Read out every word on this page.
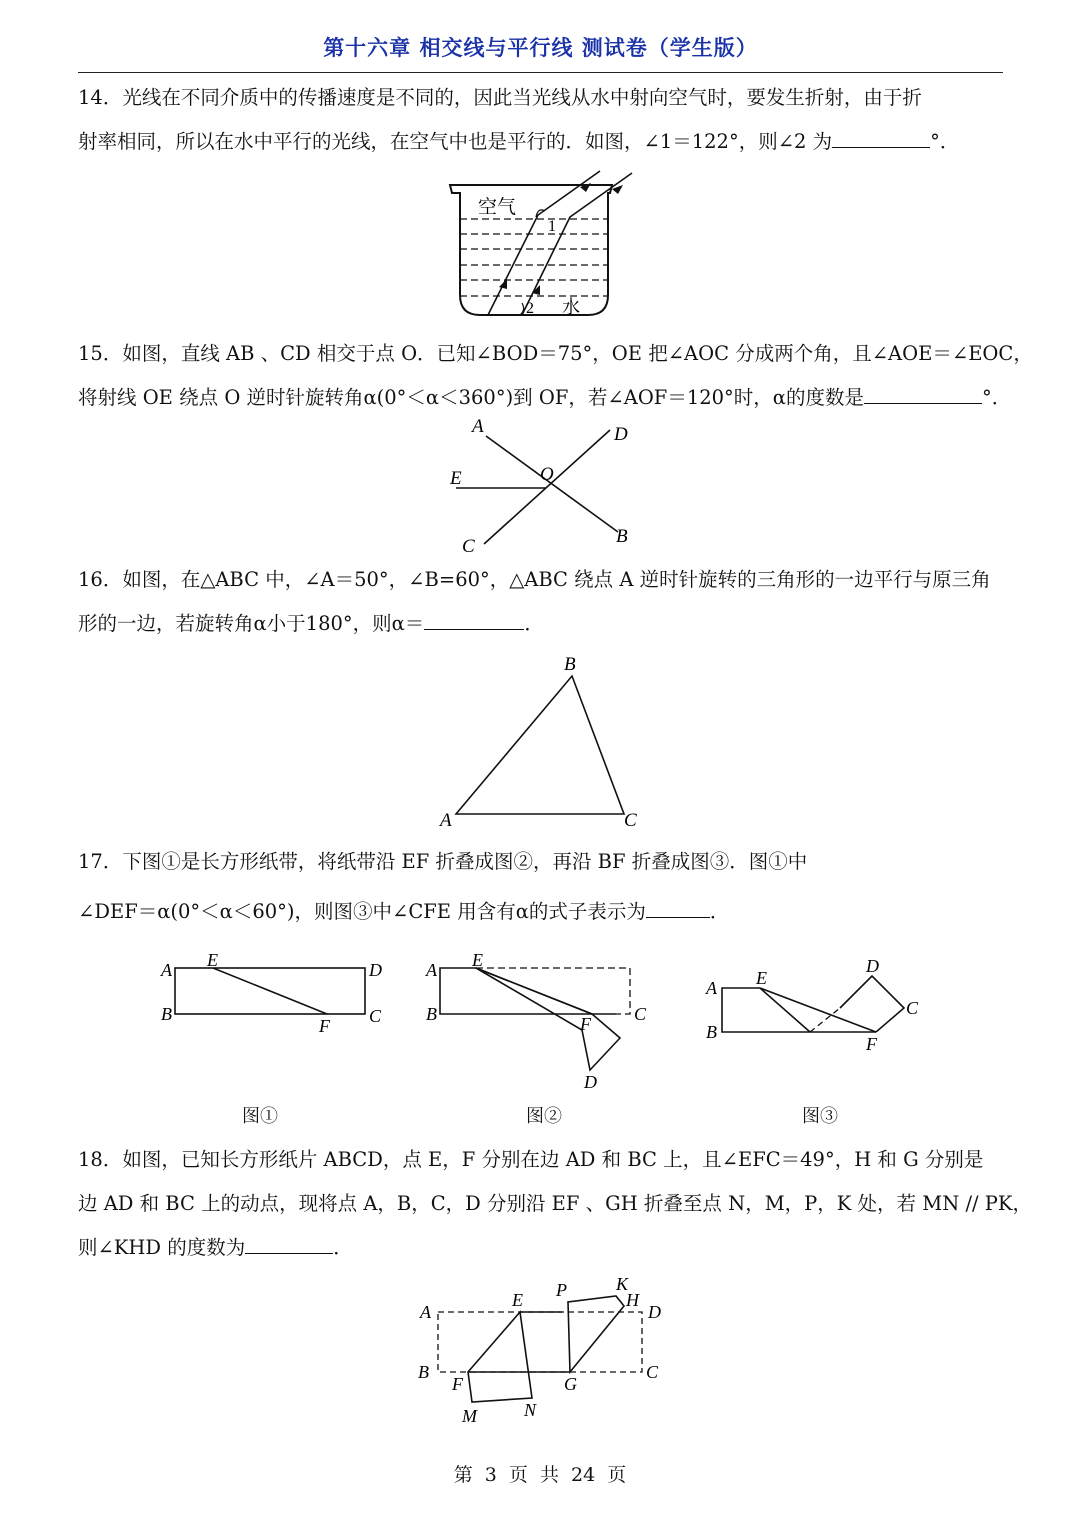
第十六章 相交线与平行线 测试卷（学生版）
14．光线在不同介质中的传播速度是不同的，因此当光线从水中射向空气时，要发生折射，由于折
射率相同，所以在水中平行的光线，在空气中也是平行的．如图，∠1＝122°，则∠2 为	°．
空气
1
2 水
15．如图，直线 AB 、CD 相交于点 O．已知∠BOD＝75°，OE 把∠AOC 分成两个角，且∠AOE＝∠EOC，
将射线 OE 绕点 O 逆时针旋转角α(0°＜α＜360°)到 OF，若∠AOF＝120°时，α的度数是	°．
A	D
E	O
B
C
16．如图，在△ABC 中，∠A＝50°，∠B=60°，△ABC 绕点 A 逆时针旋转的三角形的一边平行与原三角
形的一边，若旋转角α小于180°，则α＝	．
B
A	C
17．下图①是长方形纸带，将纸带沿 EF 折叠成图②，再沿 BF 折叠成图③．图①中
∠DEF＝α(0°＜α＜60°)，则图③中∠CFE 用含有α的式子表示为	．
A E	D
B	C
F
图①
A E
B	C
F
D
图②
A E
B
D
C
F
图③
18．如图，已知长方形纸片 ABCD，点 E，F 分别在边 AD 和 BC 上，且∠EFC＝49°，H 和 G 分别是
边 AD 和 BC 上的动点，现将点 A，B，C，D 分别沿 EF 、GH 折叠至点 N，M，P，K 处，若 MN // PK，
则∠KHD 的度数为	．
A
E P	K
H
D
B
F	G
C
M	N
第 3 页 共 24 页
